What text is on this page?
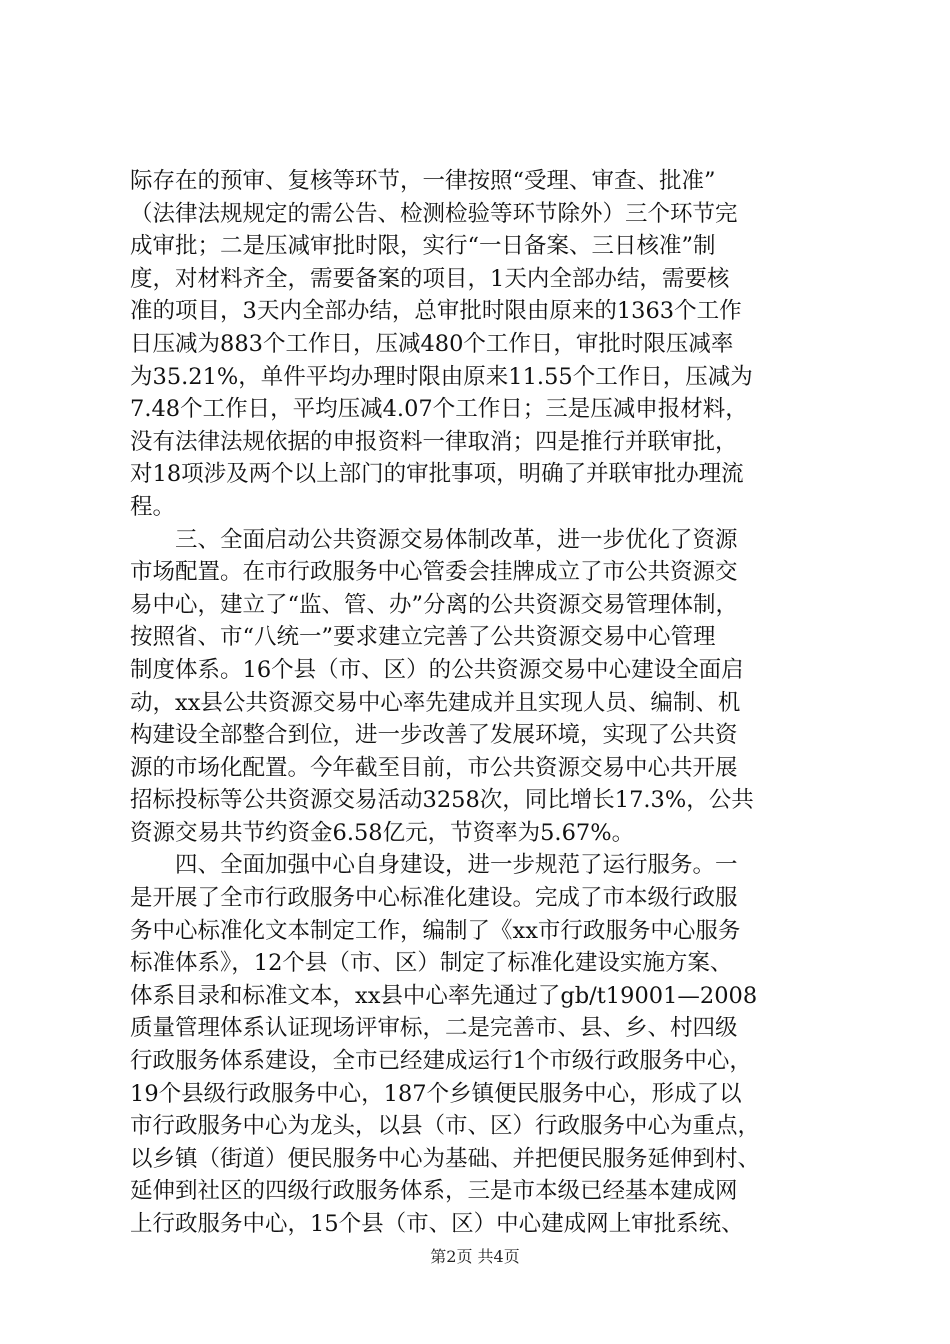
际存在的预审、复核等环节，一律按照“受理、审查、批准”
（法律法规规定的需公告、检测检验等环节除外）三个环节完
成审批；二是压减审批时限，实行“一日备案、三日核准”制
度，对材料齐全，需要备案的项目，1天内全部办结，需要核
准的项目，3天内全部办结，总审批时限由原来的1363个工作
日压减为883个工作日，压减480个工作日，审批时限压减率
为35.21%，单件平均办理时限由原来11.55个工作日，压减为
7.48个工作日，平均压减4.07个工作日；三是压减申报材料，
没有法律法规依据的申报资料一律取消；四是推行并联审批，
对18项涉及两个以上部门的审批事项，明确了并联审批办理流
程。
三、全面启动公共资源交易体制改革，进一步优化了资源
市场配置。在市行政服务中心管委会挂牌成立了市公共资源交
易中心，建立了“监、管、办”分离的公共资源交易管理体制，
按照省、市“八统一”要求建立完善了公共资源交易中心管理
制度体系。16个县（市、区）的公共资源交易中心建设全面启
动，xx县公共资源交易中心率先建成并且实现人员、编制、机
构建设全部整合到位，进一步改善了发展环境，实现了公共资
源的市场化配置。今年截至目前，市公共资源交易中心共开展
招标投标等公共资源交易活动3258次，同比增长17.3%，公共
资源交易共节约资金6.58亿元，节资率为5.67%。
四、全面加强中心自身建设，进一步规范了运行服务。一
是开展了全市行政服务中心标准化建设。完成了市本级行政服
务中心标准化文本制定工作，编制了《xx市行政服务中心服务
标准体系》，12个县（市、区）制定了标准化建设实施方案、
体系目录和标准文本，xx县中心率先通过了gb/t19001—2008
质量管理体系认证现场评审标，二是完善市、县、乡、村四级
行政服务体系建设，全市已经建成运行1个市级行政服务中心，
19个县级行政服务中心，187个乡镇便民服务中心，形成了以
市行政服务中心为龙头，以县（市、区）行政服务中心为重点，
以乡镇（街道）便民服务中心为基础、并把便民服务延伸到村、
延伸到社区的四级行政服务体系，三是市本级已经基本建成网
上行政服务中心，15个县（市、区）中心建成网上审批系统、
第2页 共4页
